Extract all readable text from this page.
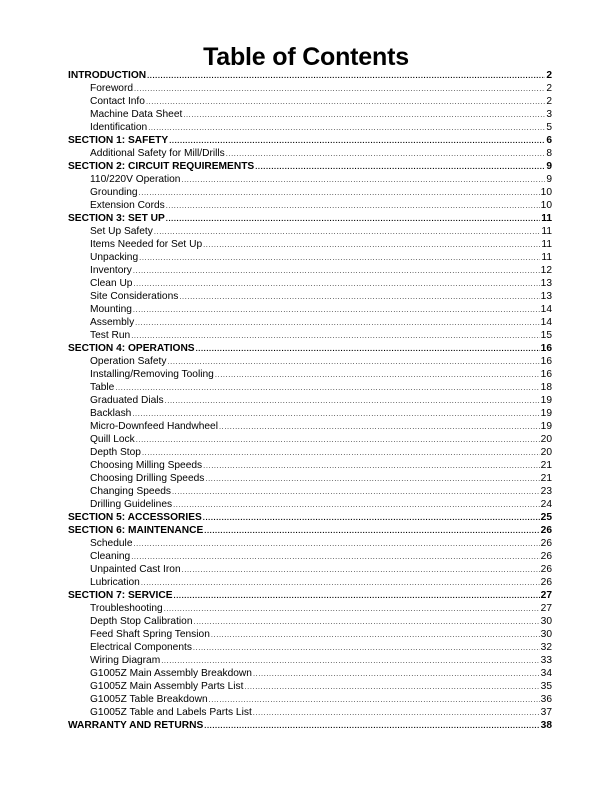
Table of Contents
INTRODUCTION .....	2
Foreword .....	2
Contact Info .....	2
Machine Data Sheet .....	3
Identification .....	5
SECTION 1: SAFETY .....	6
Additional Safety for Mill/Drills .....	8
SECTION 2: CIRCUIT REQUIREMENTS .....	9
110/220V Operation .....	9
Grounding .....	10
Extension Cords .....	10
SECTION 3: SET UP .....	11
Set Up Safety .....	11
Items Needed for Set Up .....	11
Unpacking .....	11
Inventory .....	12
Clean Up .....	13
Site Considerations .....	13
Mounting .....	14
Assembly .....	14
Test Run .....	15
SECTION 4: OPERATIONS .....	16
Operation Safety .....	16
Installing/Removing Tooling .....	16
Table .....	18
Graduated Dials .....	19
Backlash .....	19
Micro-Downfeed Handwheel .....	19
Quill Lock .....	20
Depth Stop .....	20
Choosing Milling Speeds .....	21
Choosing Drilling Speeds .....	21
Changing Speeds .....	23
Drilling Guidelines .....	24
SECTION 5: ACCESSORIES .....	25
SECTION 6: MAINTENANCE .....	26
Schedule .....	26
Cleaning .....	26
Unpainted Cast Iron .....	26
Lubrication .....	26
SECTION 7: SERVICE .....	27
Troubleshooting .....	27
Depth Stop Calibration .....	30
Feed Shaft Spring Tension .....	30
Electrical Components .....	32
Wiring Diagram .....	33
G1005Z Main Assembly Breakdown .....	34
G1005Z Main Assembly Parts List .....	35
G1005Z Table Breakdown .....	36
G1005Z Table and Labels Parts List .....	37
WARRANTY AND RETURNS .....	38
